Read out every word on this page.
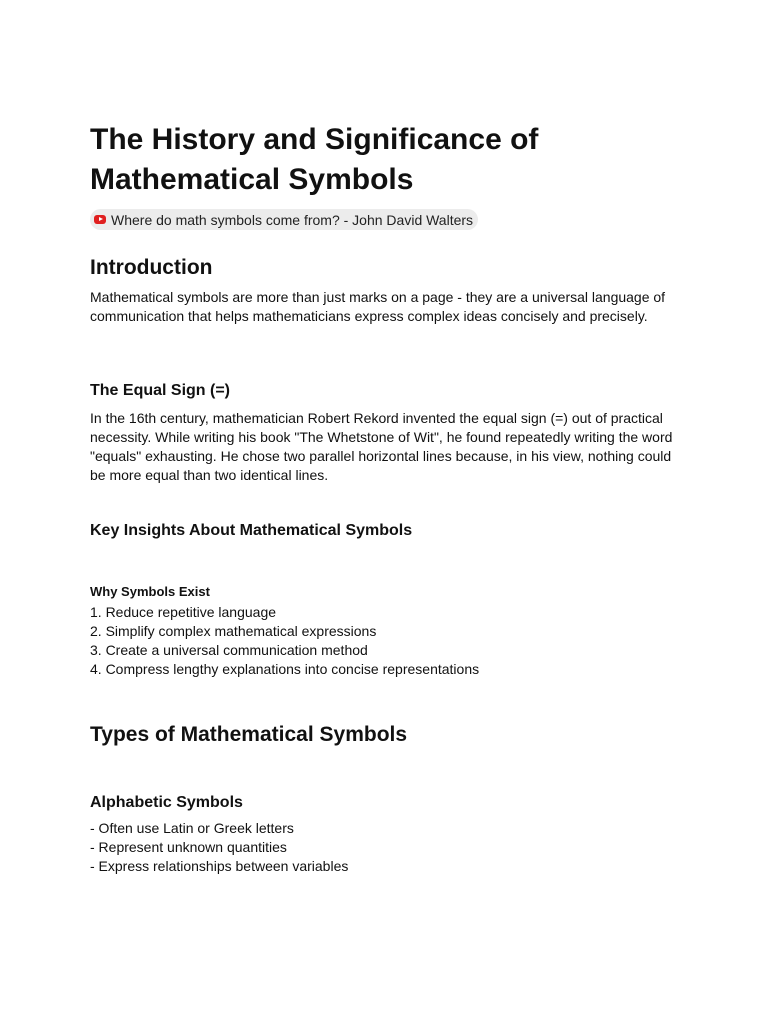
The History and Significance of Mathematical Symbols
Where do math symbols come from? - John David Walters
Introduction

Mathematical symbols are more than just marks on a page - they are a universal language of communication that helps mathematicians express complex ideas concisely and precisely.

The Equal Sign (=)

In the 16th century, mathematician Robert Rekord invented the equal sign (=) out of practical necessity. While writing his book "The Whetstone of Wit", he found repeatedly writing the word "equals" exhausting. He chose two parallel horizontal lines because, in his view, nothing could be more equal than two identical lines.

Key Insights About Mathematical Symbols
Why Symbols Exist
1. Reduce repetitive language
2. Simplify complex mathematical expressions
3. Create a universal communication method
4. Compress lengthy explanations into concise representations
Types of Mathematical Symbols
Alphabetic Symbols
- Often use Latin or Greek letters
- Represent unknown quantities
- Express relationships between variables
